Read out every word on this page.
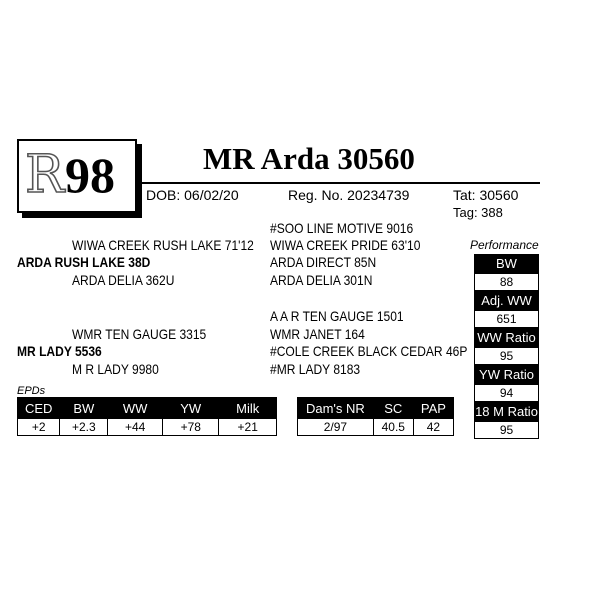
R 98	MR Arda 30560
DOB: 06/02/20	Reg. No. 20234739	Tat: 30560
Tag: 388
#SOO LINE MOTIVE 9016
WIWA CREEK RUSH LAKE 71'12 WIWA CREEK PRIDE 63'10
ARDA RUSH LAKE 38D	ARDA DIRECT 85N
ARDA DELIA 362U	ARDA DELIA 301N
A A R TEN GAUGE 1501
WMR TEN GAUGE 3315	WMR JANET 164
MR LADY 5536	#COLE CREEK BLACK CEDAR 46P
M R LADY 9980	#MR LADY 8183
Performance
BW
88
Adj. WW
651
WW Ratio
95
YW Ratio
94
18 M Ratio
95
EPDs
CED	BW	WW	YW	Milk
+2	+2.3	+44	+78	+21
Dam's NR	SC	PAP
2/97	40.5	42
